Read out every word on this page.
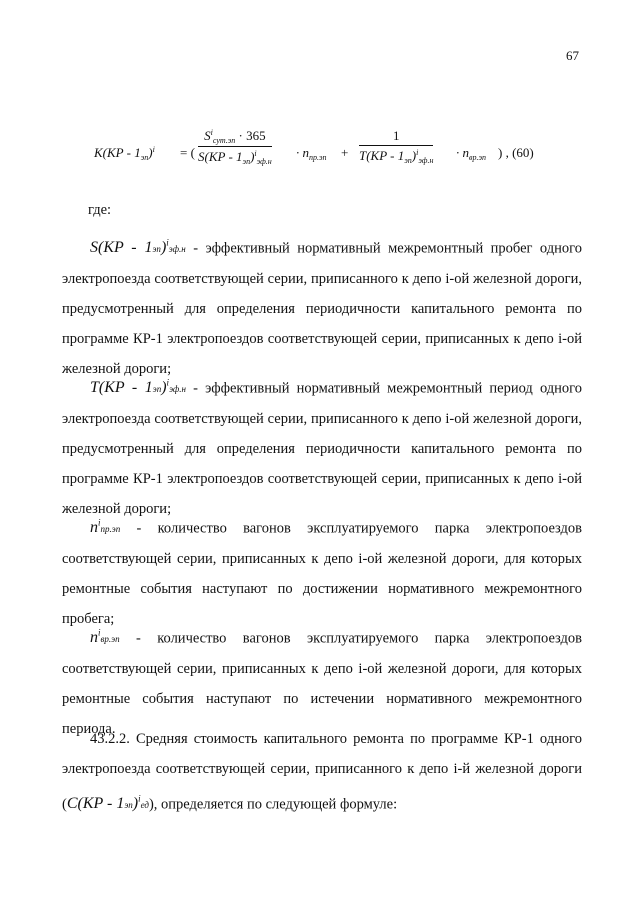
67
$K(KP - 1_{эп})^i$ = (
$S^i_{сут.эп} \cdot 365$
$S(KP - 1_{эп})^i_{эф.н}$
· $n_{пр.эп}$ +
1
$T(KP - 1_{эп})^i_{эф.н}$
· $n_{вр.эп}$ ) , (60)
где:
S(KP - 1эп)$^i$эф.н - эффективный нормативный межремонтный пробег одного электропоезда соответствующей серии, приписанного к депо i-ой железной дороги, предусмотренный для определения периодичности капитального ремонта по программе КР-1 электропоездов соответствующей серии, приписанных к депо i-ой железной дороги;
T(KP - 1эп)$^i$эф.н - эффективный нормативный межремонтный период одного электропоезда соответствующей серии, приписанного к депо i-ой железной дороги, предусмотренный для определения периодичности капитального ремонта по программе КР-1 электропоездов соответствующей серии, приписанных к депо i-ой железной дороги;
$n^iпр.эп$ - количество вагонов эксплуатируемого парка электропоездов соответствующей серии, приписанных к депо i-ой железной дороги, для которых ремонтные события наступают по достижении нормативного межремонтного пробега;
$n^iвр.эп$ - количество вагонов эксплуатируемого парка электропоездов соответствующей серии, приписанных к депо i-ой железной дороги, для которых ремонтные события наступают по истечении нормативного межремонтного периода.
43.2.2. Средняя стоимость капитального ремонта по программе КР-1 одного электропоезда соответствующей серии, приписанного к депо i-й железной дороги (C(KP - 1эп)$^i$ед), определяется по следующей формуле:
